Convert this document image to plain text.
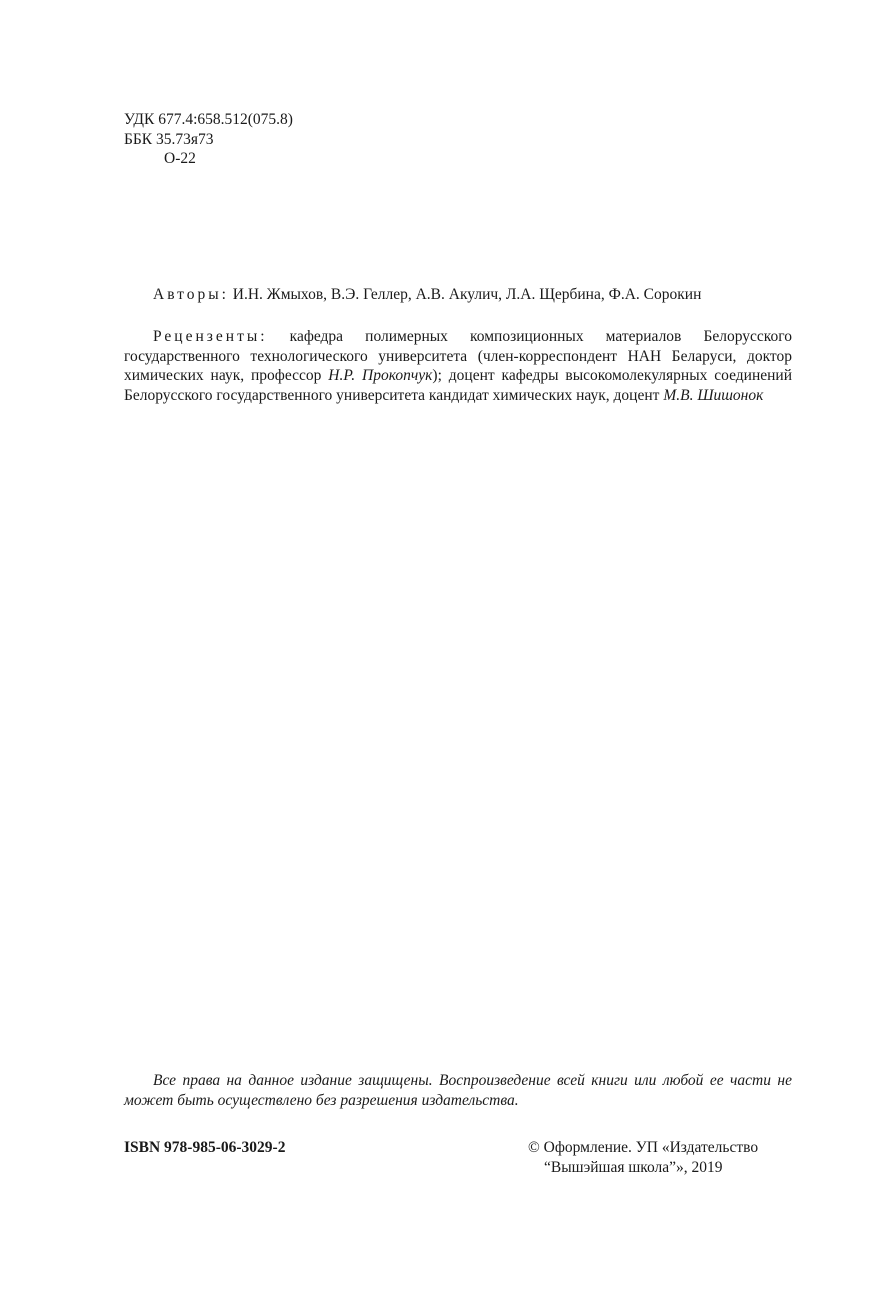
УДК 677.4:658.512(075.8)
ББК 35.73я73
О-22
Авторы: И.Н. Жмыхов, В.Э. Геллер, А.В. Акулич, Л.А. Щербина, Ф.А. Сорокин

Рецензенты: кафедра полимерных композиционных материалов Белорусского государственного технологического университета (член-корреспондент НАН Беларуси, доктор химических наук, профессор Н.Р. Прокопчук); доцент кафедры высокомолекулярных соединений Белорусского государственного университета кандидат химических наук, доцент М.В. Шишонок

Все права на данное издание защищены. Воспроизведение всей книги или любой ее части не может быть осуществлено без разрешения издательства.

ISBN 978-985-06-3029-2	© Оформление. УП «Издательство
“Вышэйшая школа”», 2019
